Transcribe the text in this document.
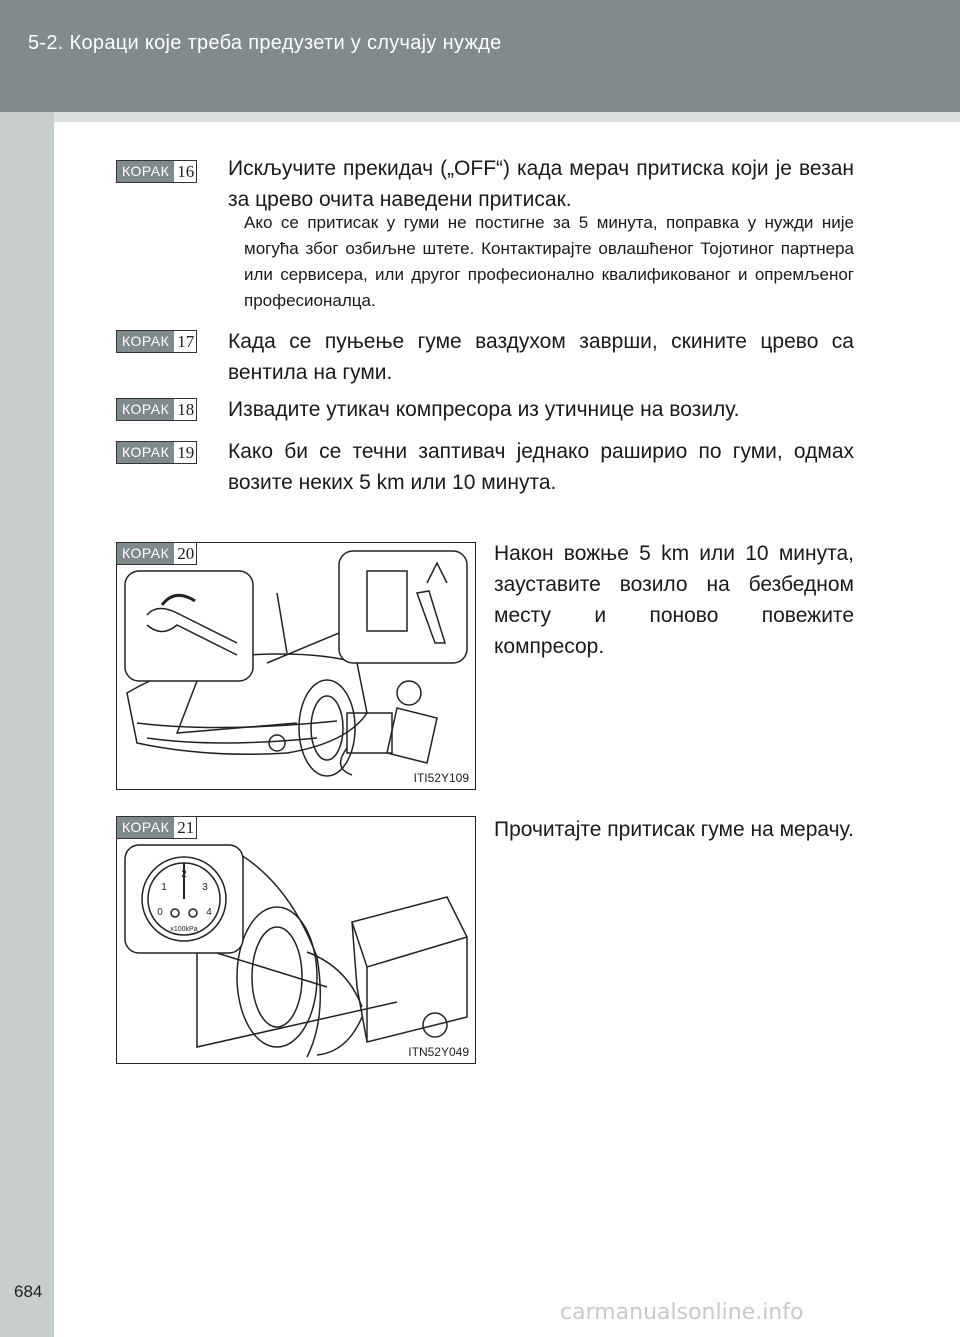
5-2. Кораци које треба предузети у случају нужде
КОРАК 16 Искључите прекидач („OFF“) када мерач притиска који је везан за црево очита наведени притисак.
Ако се притисак у гуми не постигне за 5 минута, поправка у нужди није могућа због озбиљне штете. Контактирајте овлашћеног Тојотиног партнера или сервисера, или другог професионално квалификованог и опремљеног професионалца.
КОРАК 17 Када се пуњење гуме ваздухом заврши, скините црево са вентила на гуми.
КОРАК 18 Извадите утикач компресора из утичнице на возилу.
КОРАК 19 Како би се течни заптивач једнако раширио по гуми, одмах возите неких 5 km или 10 минута.
КОРАК 20
ITI52Y109
Након вожње 5 km или 10 минута, зауставите возило на безбедном месту и поново повежите компресор.
КОРАК 21
0
1
2
3
4
x100kPa
ITN52Y049
Прочитајте притисак гуме на мерачу.
684
carmanualsonline.info
